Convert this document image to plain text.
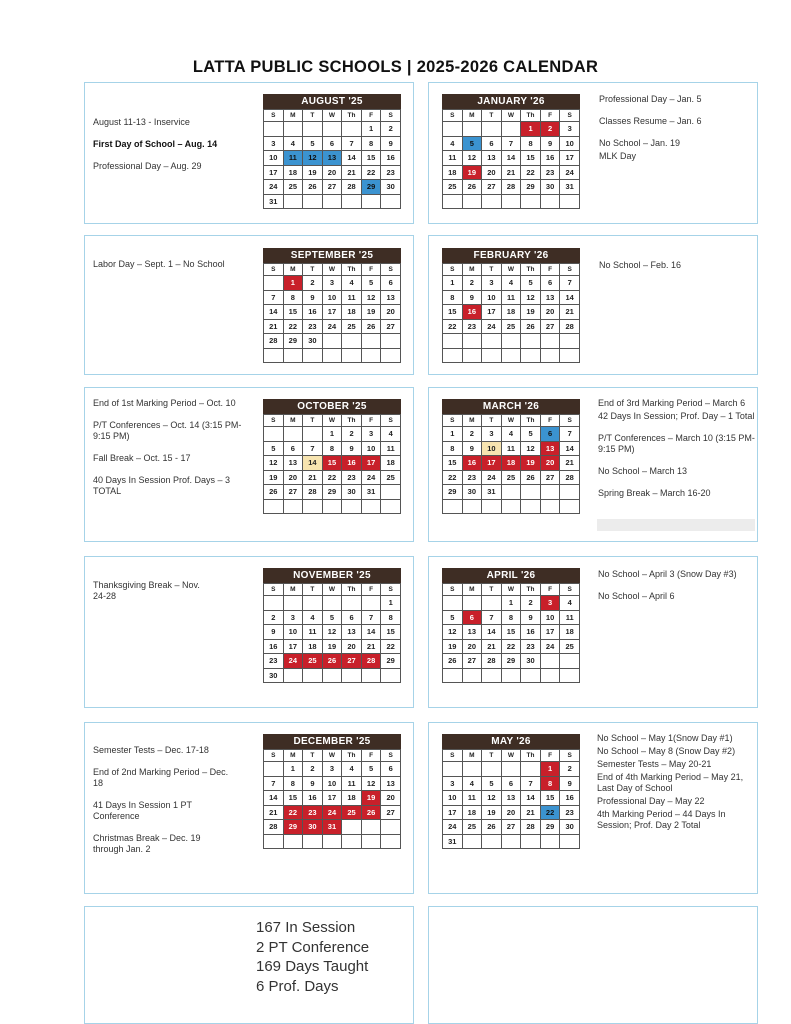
LATTA PUBLIC SCHOOLS | 2025-2026 CALENDAR
AUGUST '25
S	M	T	W	Th	F	S
					1	2
3	4	5	6	7	8	9
10	11	12	13	14	15	16
17	18	19	20	21	22	23
24	25	26	27	28	29	30
31						
JANUARY '26
S	M	T	W	Th	F	S
				1	2	3
4	5	6	7	8	9	10
11	12	13	14	15	16	17
18	19	20	21	22	23	24
25	26	27	28	29	30	31

SEPTEMBER '25
S	M	T	W	Th	F	S
	1	2	3	4	5	6
7	8	9	10	11	12	13
14	15	16	17	18	19	20
21	22	23	24	25	26	27
28	29	30				

FEBRUARY '26
S	M	T	W	Th	F	S
1	2	3	4	5	6	7
8	9	10	11	12	13	14
15	16	17	18	19	20	21
22	23	24	25	26	27	28

OCTOBER '25
S	M	T	W	Th	F	S
			1	2	3	4
5	6	7	8	9	10	11
12	13	14	15	16	17	18
19	20	21	22	23	24	25
26	27	28	29	30	31	

MARCH '26
S	M	T	W	Th	F	S
1	2	3	4	5	6	7
8	9	10	11	12	13	14
15	16	17	18	19	20	21
22	23	24	25	26	27	28
29	30	31				

NOVEMBER '25
S	M	T	W	Th	F	S
						1
2	3	4	5	6	7	8
9	10	11	12	13	14	15
16	17	18	19	20	21	22
23	24	25	26	27	28	29
30						
APRIL '26
S	M	T	W	Th	F	S
			1	2	3	4
5	6	7	8	9	10	11
12	13	14	15	16	17	18
19	20	21	22	23	24	25
26	27	28	29	30		

DECEMBER '25
S	M	T	W	Th	F	S
	1	2	3	4	5	6
7	8	9	10	11	12	13
14	15	16	17	18	19	20
21	22	23	24	25	26	27
28	29	30	31			

MAY '26
S	M	T	W	Th	F	S
					1	2
3	4	5	6	7	8	9
10	11	12	13	14	15	16
17	18	19	20	21	22	23
24	25	26	27	28	29	30
31						

August 11-13 - Inservice

First Day of School – Aug. 14

Professional Day – Aug. 29

Professional Day – Jan. 5

Classes Resume – Jan. 6

No School – Jan. 19

MLK Day

Labor Day – Sept. 1 – No School	No School – Feb. 16

End of 1st Marking Period – Oct. 10

P/T Conferences – Oct. 14 (3:15 PM-9:15 PM)

Fall Break – Oct. 15 - 17

40 Days In Session Prof. Days – 3 TOTAL

End of 3rd Marking Period – March 6

42 Days In Session; Prof. Day – 1 Total

P/T Conferences – March 10 (3:15 PM-9:15 PM)

No School – March 13

Spring Break – March 16-20

Thanksgiving Break – Nov. 24-28

No School – April 3 (Snow Day #3)

No School – April 6

Semester Tests – Dec. 17-18

End of 2nd Marking Period – Dec. 18

41 Days In Session 1 PT Conference

Christmas Break – Dec. 19 through Jan. 2

No School – May 1(Snow Day #1)

No School – May 8 (Snow Day #2)

Semester Tests – May 20-21

End of 4th Marking Period – May 21, Last Day of School

Professional Day – May 22

4th Marking Period – 44 Days In Session; Prof. Day 2 Total

167 In Session
2 PT Conference
169 Days Taught
6 Prof. Days
